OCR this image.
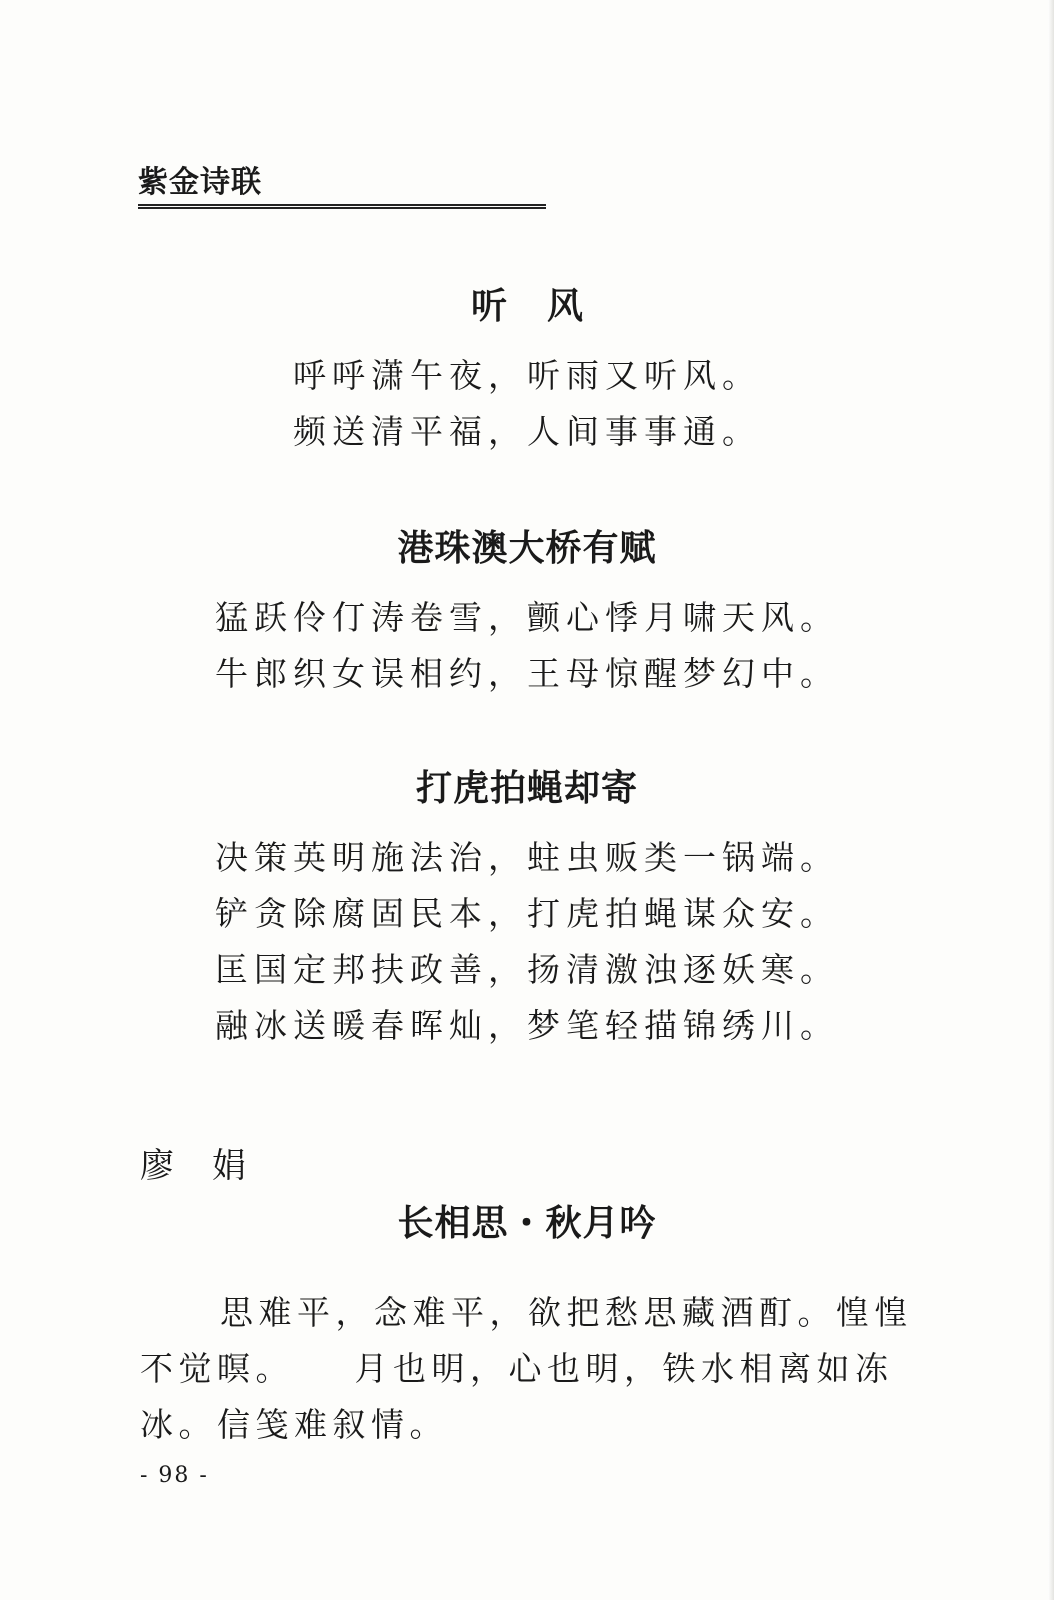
紫金诗联
听风

呼呼潇午夜，听雨又听风。

频送清平福，人间事事通。

港珠澳大桥有赋

猛跃伶仃涛卷雪，颤心悸月啸天风。

牛郎织女误相约，王母惊醒梦幻中。

打虎拍蝇却寄

决策英明施法治，蛀虫贩类一锅端。

铲贪除腐固民本，打虎拍蝇谋众安。

匡国定邦扶政善，扬清激浊逐妖寒。

融冰送暖春晖灿，梦笔轻描锦绣川。

廖娟
长相思・秋月吟
思难平，念难平，欲把愁思藏酒酊。惶惶不觉暝。　　月也明，心也明，铁水相离如冻冰。信笺难叙情。
- 98 -
